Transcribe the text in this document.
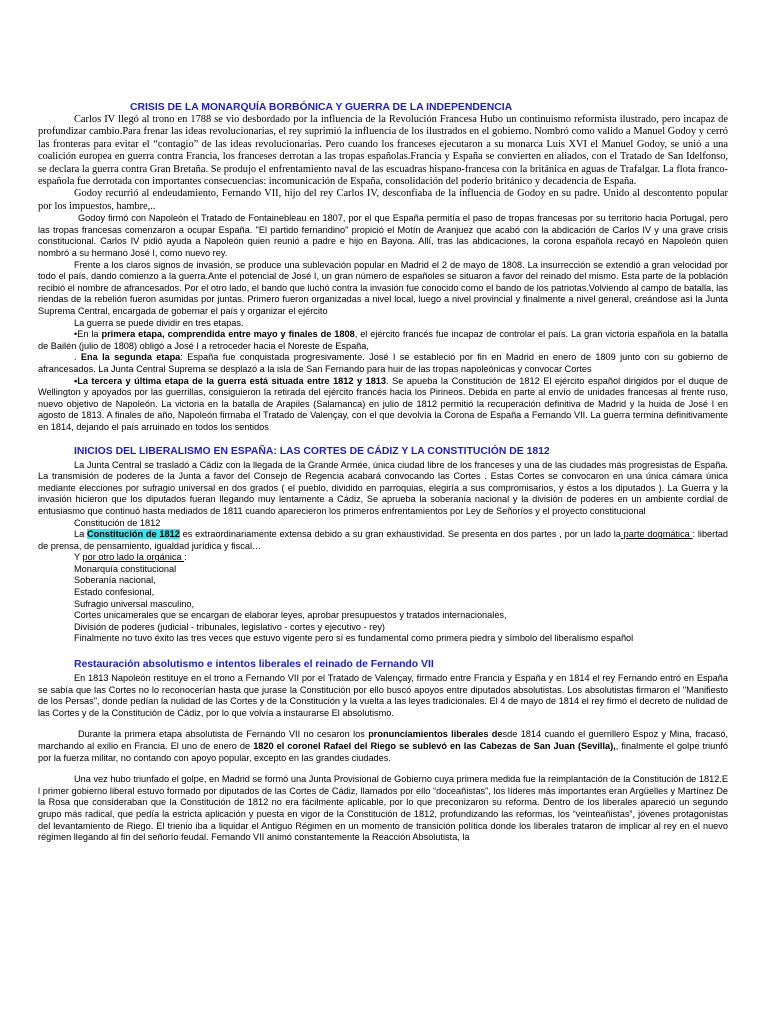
CRISIS DE LA MONARQUÍA BORBÓNICA Y GUERRA DE LA INDEPENDENCIA

Carlos IV llegó al trono en 1788 se vio desbordado por la influencia de la Revolución Francesa Hubo un continuismo reformista ilustrado, pero incapaz de profundizar cambio.Para frenar las ideas revolucionarias, el rey suprimió la influencia de los ilustrados en el gobierno. Nombró como valido a Manuel Godoy y cerró las fronteras para evitar el “contagio” de las ideas revolucionarias. Pero cuando los franceses ejecutaron a su monarca Luis XVI el Manuel Godoy, se unió a una coalición europea en guerra contra Francia, los franceses derrotan a las tropas españolas.Francia y España se convierten en aliados, con el Tratado de San Idelfonso, se declara la guerra contra Gran Bretaña. Se produjo el enfrentamiento naval de las escuadras hispano-francesa con la británica en aguas de Trafalgar. La flota franco-española fue derrotada con importantes consecuencias: incomunicación de España, consolidación del poderío británico y decadencia de España.

Godoy recurrió al endeudamiento, Fernando VII, hijo del rey Carlos IV, desconfiaba de la influencia de Godoy en su padre. Unido al descontento popular por los impuestos, hambre,..

Godoy firmó con Napoleón el Tratado de Fontainebleau en 1807, por el que España permitía el paso de tropas francesas por su territorio hacia Portugal, pero las tropas francesas comenzaron a ocupar España. "El partido fernandino" propició el Motín de Aranjuez que acabó con la abdicación de Carlos IV y una grave crisis constitucional. Carlos IV pidió ayuda a Napoleón quien reunió a padre e hijo en Bayona. Allí, tras las abdicaciones, la corona española recayó en Napoleón quien nombró a su hermano José I, como nuevo rey.

Frente a los claros signos de invasión, se produce una sublevación popular en Madrid el 2 de mayo de 1808. La insurrección se extendió a gran velocidad por todo el país, dando comienzo a la guerra.Ante el potencial de José I, un gran número de españoles se situaron a favor del reinado del mismo. Esta parte de la población recibió el nombre de afrancesados. Por el otro lado, el bando que luchó contra la invasión fue conocido como el bando de los patriotas.Volviendo al campo de batalla, las riendas de la rebelión fueron asumidas por juntas. Primero fueron organizadas a nivel local, luego a nivel provincial y finalmente a nivel general, creándose así la Junta Suprema Central, encargada de gobernar el país y organizar el ejército

La guerra se puede dividir en tres etapas.

•En la primera etapa, comprendida entre mayo y finales de 1808, el ejército francés fue incapaz de controlar el país. La gran victoria española en la batalla de Bailén (julio de 1808) obligó a José I a retroceder hacia el Noreste de España,

. Ena la segunda etapa: España fue conquistada progresivamente. José I se estableció por fin en Madrid en enero de 1809 junto con su gobierno de afrancesados. La Junta Central Suprema se desplazó a la isla de San Fernando para huir de las tropas napoleónicas y convocar Cortes

•La tercera y última etapa de la guerra está situada entre 1812 y 1813. Se apueba la Constitución de 1812 El ejército español dirigidos por el duque de Wellington y apoyados por las guerrillas, consiguieron la retirada del ejército francés hacia los Pirineos. Debida en parte al envío de unidades francesas al frente ruso, nuevo objetivo de Napoleón. La victoria en la batalla de Arapiles (Salamanca) en julio de 1812 permitió la recuperación definitiva de Madrid y la huida de José I en agosto de 1813. A finales de año, Napoleón firmaba el Tratado de Valençay, con el que devolvía la Corona de España a Fernando VII. La guerra termina definitivamente en 1814, dejando el país arruinado en todos los sentidos

INICIOS DEL LIBERALISMO EN ESPAÑA: LAS CORTES DE CÁDIZ Y LA CONSTITUCIÓN DE 1812

La Junta Central se trasladó a Cádiz con la llegada de la Grande Armée, única ciudad libre de los franceses y una de las ciudades más progresistas de España. La transmisión de poderes de la Junta a favor del Consejo de Regencia acabará convocando las Cortes . Estas Cortes se convocaron en una única cámara única mediante elecciones por sufragio universal en dos grados ( el pueblo, dividido en parroquias, elegiría a sus compromisarios, y éstos a los diputados ). La Guerra y la invasión hicieron que los diputados fueran llegando muy lentamente a Cádiz, Se aprueba la soberanía nacional y la división de poderes en un ambiente cordial de entusiasmo que continuó hasta mediados de 1811 cuando aparecieron los primeros enfrentamientos por Ley de Señoríos y el proyecto constitucional

Constitución de 1812

La Constitución de 1812 es extraordinariamente extensa debido a su gran exhaustividad. Se presenta en dos partes , por un lado la parte dogmática : libertad de prensa, de pensamiento, igualdad jurídica y fiscal…

Y por otro lado la orgánica :

Monarquía constitucional

Soberanía nacional,

Estado confesional,

Sufragio universal masculino,

Cortes unicamerales que se encargan de elaborar leyes, aprobar presupuestos y tratados internacionales,

División de poderes (judicial - tribunales, legislativo - cortes y ejecutivo - rey)

Finalmente no tuvo éxito las tres veces que estuvo vigente pero sí es fundamental como primera piedra y símbolo del liberalismo español

Restauración absolutismo e intentos liberales el reinado de Fernando VII

En 1813 Napoleón restituye en el trono a Fernando VII por el Tratado de Valençay, firmado entre Francia y España y en 1814 el rey Fernando entró en España se sabía que las Cortes no lo reconocerían hasta que jurase la Constitución por ello buscó apoyos entre diputados absolutistas. Los absolutistas firmaron el "Manifiesto de los Persas", donde pedían la nulidad de las Cortes y de la Constitución y la vuelta a las leyes tradicionales. El 4 de mayo de 1814 el rey firmó el decreto de nulidad de las Cortes y de la Constitución de Cádiz, por lo que volvía a instaurarse El absolutismo.

Durante la primera etapa absolutista de Fernando VII no cesaron los pronunciamientos liberales desde 1814 cuando el guerrillero Espoz y Mina, fracasó, marchando al exilio en Francia. El uno de enero de 1820 el coronel Rafael del Riego se sublevó en las Cabezas de San Juan (Sevilla),, finalmente el golpe triunfó por la fuerza militar, no contando con apoyo popular, excepto en las grandes ciudades.

Una vez hubo triunfado el golpe, en Madrid se formó una Junta Provisional de Gobierno cuya primera medida fue la reimplantación de la Constitución de 1812.E l primer gobierno liberal estuvo formado por diputados de las Cortes de Cádiz, llamados por ello “doceañistas”, los líderes más importantes eran Argüelles y Martínez De la Rosa que consideraban que la Constitución de 1812 no era fácilmente aplicable, por lo que preconizaron su reforma. Dentro de los liberales apareció un segundo grupo más radical, que pedía la estricta aplicación y puesta en vigor de la Constitución de 1812, profundizando las reformas, los “veinteañistas”, jóvenes protagonistas del levantamiento de Riego. El trienio iba a liquidar el Antiguo Régimen en un momento de transición política donde los liberales trataron de implicar al rey en el nuevo régimen llegando al fin del señorío feudal. Fernando VII animó constantemente la Reacción Absolutista, la
